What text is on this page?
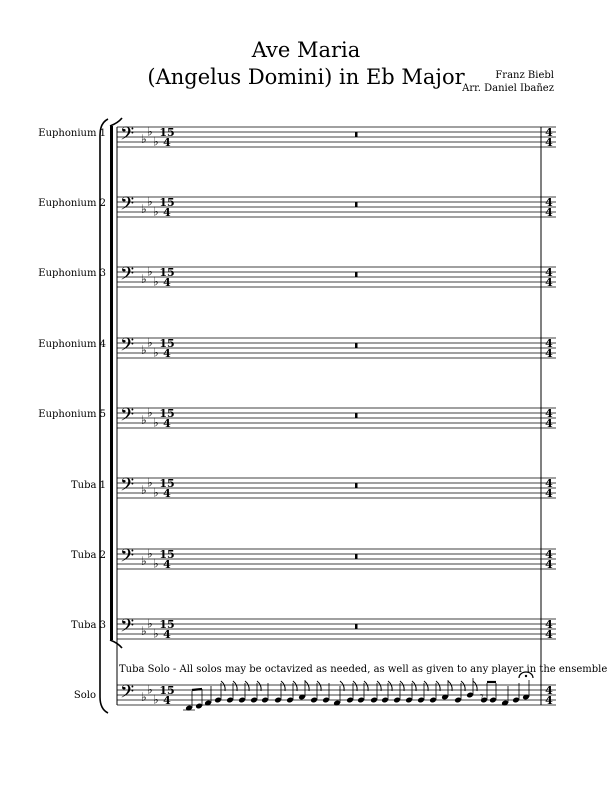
Ave Maria
(Angelus Domini) in Eb Major	Franz Biebl
Arr. Daniel Ibañez
Euphonium 1
Euphonium 2
Euphonium 3
Euphonium 4
Euphonium 5
Tuba 1
Tuba 2
Tuba 3
Solo
Tuba Solo - All solos may be octavized as needed, as well as given to any player in the ensemble
𝄢 ♭
♭
♭
15
4
4
4
𝄢 ♭
♭
♭
15
4
4
4
𝄢 ♭
♭
♭
15
4
4
4
𝄢 ♭
♭
♭
15
4
4
4
𝄢 ♭
♭
♭
15
4
4
4
𝄢 ♭
♭
♭
15
4
4
4
𝄢 ♭
♭
♭
15
4
4
4
𝄢 ♭
♭
♭
15
4
4
4
𝄢 ♭
♭
♭
15
4
4
4
𝄾
